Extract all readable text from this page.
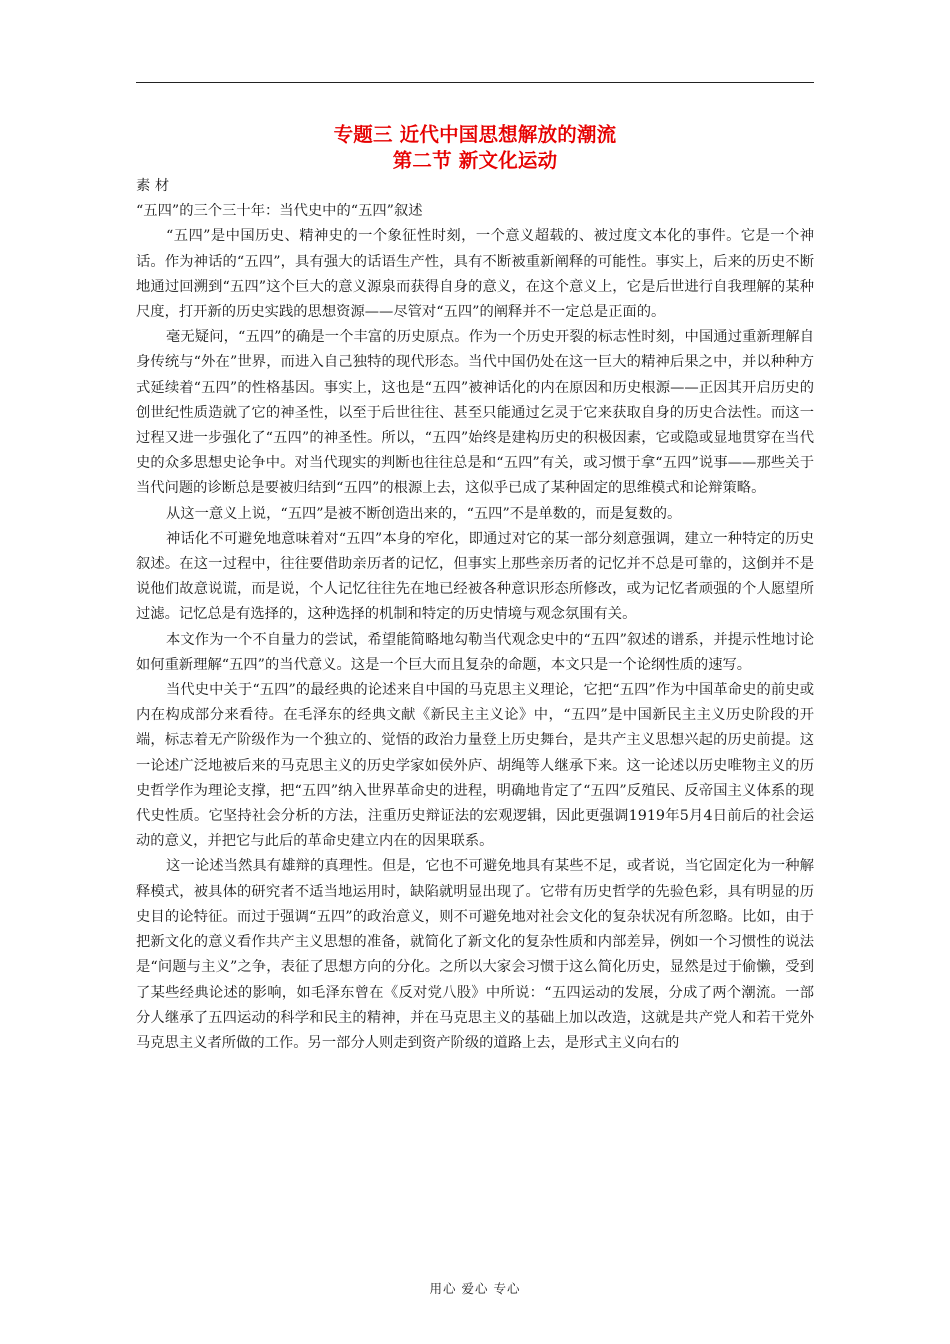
专题三 近代中国思想解放的潮流
第二节 新文化运动

素 材

“五四”的三个三十年：当代史中的“五四”叙述

“五四”是中国历史、精神史的一个象征性时刻，一个意义超载的、被过度文本化的事件。它是一个神话。作为神话的“五四”，具有强大的话语生产性，具有不断被重新阐释的可能性。事实上，后来的历史不断地通过回溯到“五四”这个巨大的意义源泉而获得自身的意义，在这个意义上，它是后世进行自我理解的某种尺度，打开新的历史实践的思想资源——尽管对“五四”的阐释并不一定总是正面的。

毫无疑问，“五四”的确是一个丰富的历史原点。作为一个历史开裂的标志性时刻，中国通过重新理解自身传统与“外在”世界，而进入自己独特的现代形态。当代中国仍处在这一巨大的精神后果之中，并以种种方式延续着“五四”的性格基因。事实上，这也是“五四”被神话化的内在原因和历史根源——正因其开启历史的创世纪性质造就了它的神圣性，以至于后世往往、甚至只能通过乞灵于它来获取自身的历史合法性。而这一过程又进一步强化了“五四”的神圣性。所以，“五四”始终是建构历史的积极因素，它或隐或显地贯穿在当代史的众多思想史论争中。对当代现实的判断也往往总是和“五四”有关，或习惯于拿“五四”说事——那些关于当代问题的诊断总是要被归结到“五四”的根源上去，这似乎已成了某种固定的思维模式和论辩策略。

从这一意义上说，“五四”是被不断创造出来的，“五四”不是单数的，而是复数的。

神话化不可避免地意味着对“五四”本身的窄化，即通过对它的某一部分刻意强调，建立一种特定的历史叙述。在这一过程中，往往要借助亲历者的记忆，但事实上那些亲历者的记忆并不总是可靠的，这倒并不是说他们故意说谎，而是说，个人记忆往往先在地已经被各种意识形态所修改，或为记忆者顽强的个人愿望所过滤。记忆总是有选择的，这种选择的机制和特定的历史情境与观念氛围有关。

本文作为一个不自量力的尝试，希望能简略地勾勒当代观念史中的“五四”叙述的谱系，并提示性地讨论如何重新理解“五四”的当代意义。这是一个巨大而且复杂的命题，本文只是一个论纲性质的速写。

当代史中关于“五四”的最经典的论述来自中国的马克思主义理论，它把“五四”作为中国革命史的前史或内在构成部分来看待。在毛泽东的经典文献《新民主主义论》中，“五四”是中国新民主主义历史阶段的开端，标志着无产阶级作为一个独立的、觉悟的政治力量登上历史舞台，是共产主义思想兴起的历史前提。这一论述广泛地被后来的马克思主义的历史学家如侯外庐、胡绳等人继承下来。这一论述以历史唯物主义的历史哲学作为理论支撑，把“五四”纳入世界革命史的进程，明确地肯定了“五四”反殖民、反帝国主义体系的现代史性质。它坚持社会分析的方法，注重历史辩证法的宏观逻辑，因此更强调1919年5月4日前后的社会运动的意义，并把它与此后的革命史建立内在的因果联系。

这一论述当然具有雄辩的真理性。但是，它也不可避免地具有某些不足，或者说，当它固定化为一种解释模式，被具体的研究者不适当地运用时，缺陷就明显出现了。它带有历史哲学的先验色彩，具有明显的历史目的论特征。而过于强调“五四”的政治意义，则不可避免地对社会文化的复杂状况有所忽略。比如，由于把新文化的意义看作共产主义思想的准备，就简化了新文化的复杂性质和内部差异，例如一个习惯性的说法是“问题与主义”之争，表征了思想方向的分化。之所以大家会习惯于这么简化历史，显然是过于偷懒，受到了某些经典论述的影响，如毛泽东曾在《反对党八股》中所说：“五四运动的发展，分成了两个潮流。一部分人继承了五四运动的科学和民主的精神，并在马克思主义的基础上加以改造，这就是共产党人和若干党外马克思主义者所做的工作。另一部分人则走到资产阶级的道路上去，是形式主义向右的

用心 爱心 专心
